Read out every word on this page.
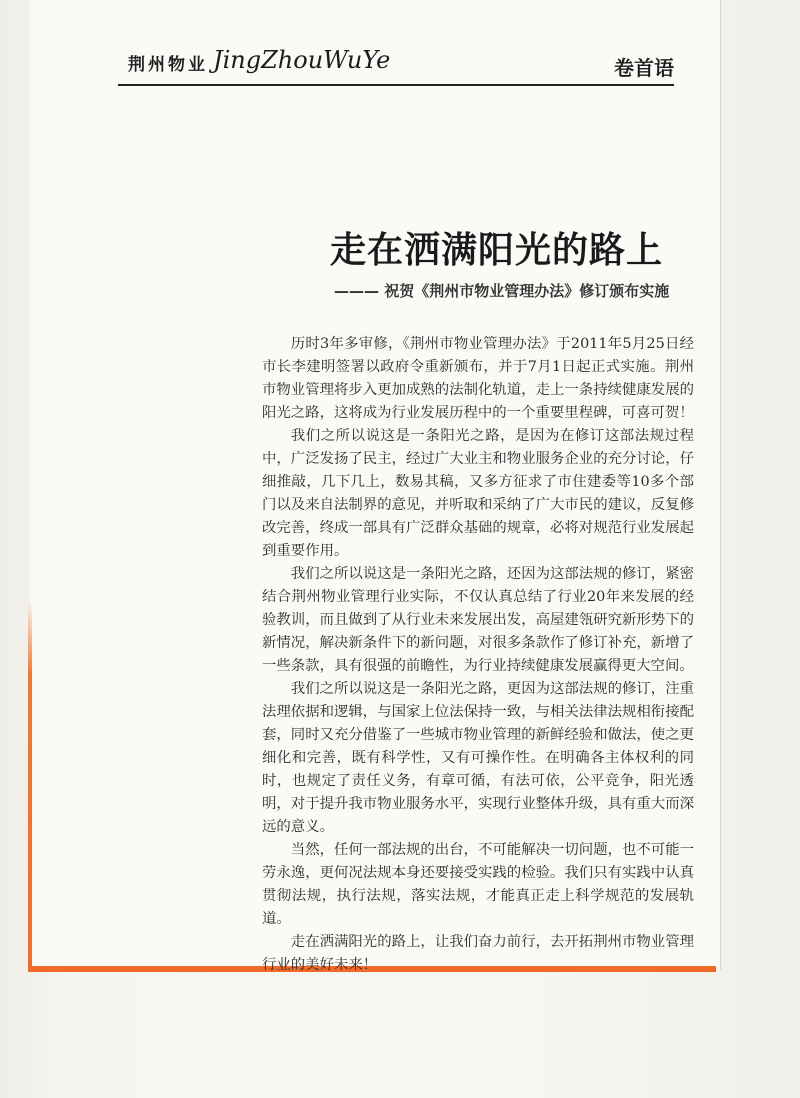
荆州物业 JingZhouWuYe	卷首语
走在洒满阳光的路上
——— 祝贺《荆州市物业管理办法》修订颁布实施

历时3年多审修，《荆州市物业管理办法》于2011年5月25日经市长李建明签署以政府令重新颁布，并于7月1日起正式实施。荆州市物业管理将步入更加成熟的法制化轨道，走上一条持续健康发展的阳光之路，这将成为行业发展历程中的一个重要里程碑，可喜可贺！

我们之所以说这是一条阳光之路，是因为在修订这部法规过程中，广泛发扬了民主，经过广大业主和物业服务企业的充分讨论，仔细推敲，几下几上，数易其稿，又多方征求了市住建委等10多个部门以及来自法制界的意见，并听取和采纳了广大市民的建议，反复修改完善，终成一部具有广泛群众基础的规章，必将对规范行业发展起到重要作用。

我们之所以说这是一条阳光之路，还因为这部法规的修订，紧密结合荆州物业管理行业实际，不仅认真总结了行业20年来发展的经验教训，而且做到了从行业未来发展出发，高屋建瓴研究新形势下的新情况，解决新条件下的新问题，对很多条款作了修订补充，新增了一些条款，具有很强的前瞻性，为行业持续健康发展赢得更大空间。

我们之所以说这是一条阳光之路，更因为这部法规的修订，注重法理依据和逻辑，与国家上位法保持一致，与相关法律法规相衔接配套，同时又充分借鉴了一些城市物业管理的新鲜经验和做法，使之更细化和完善，既有科学性，又有可操作性。在明确各主体权利的同时，也规定了责任义务，有章可循，有法可依，公平竞争，阳光透明，对于提升我市物业服务水平，实现行业整体升级，具有重大而深远的意义。

当然，任何一部法规的出台，不可能解决一切问题，也不可能一劳永逸，更何况法规本身还要接受实践的检验。我们只有实践中认真贯彻法规，执行法规，落实法规，才能真正走上科学规范的发展轨道。

走在洒满阳光的路上，让我们奋力前行，去开拓荆州市物业管理行业的美好未来！
